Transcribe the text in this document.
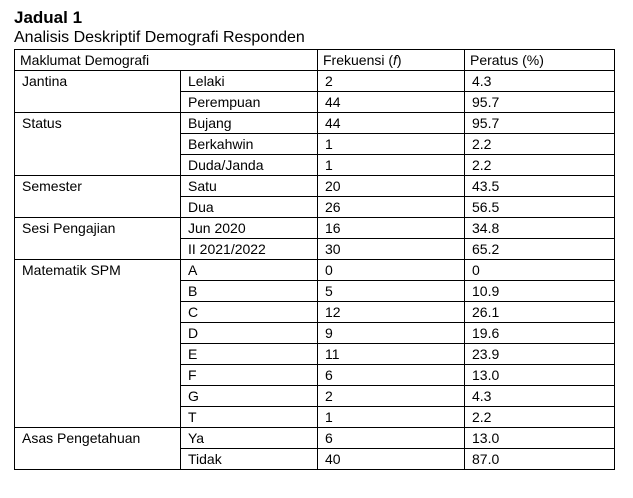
Jadual 1

Analisis Deskriptif Demografi Responden

Maklumat Demografi		Frekuensi (f)	Peratus (%)
Jantina	Lelaki	2	4.3
	Perempuan	44	95.7
Status	Bujang	44	95.7
	Berkahwin	1	2.2
	Duda/Janda	1	2.2
Semester	Satu	20	43.5
	Dua	26	56.5
Sesi Pengajian	Jun 2020	16	34.8
	II 2021/2022	30	65.2
Matematik SPM	A	0	0
	B	5	10.9
	C	12	26.1
	D	9	19.6
	E	11	23.9
	F	6	13.0
	G	2	4.3
	T	1	2.2
Asas Pengetahuan	Ya	6	13.0
	Tidak	40	87.0
